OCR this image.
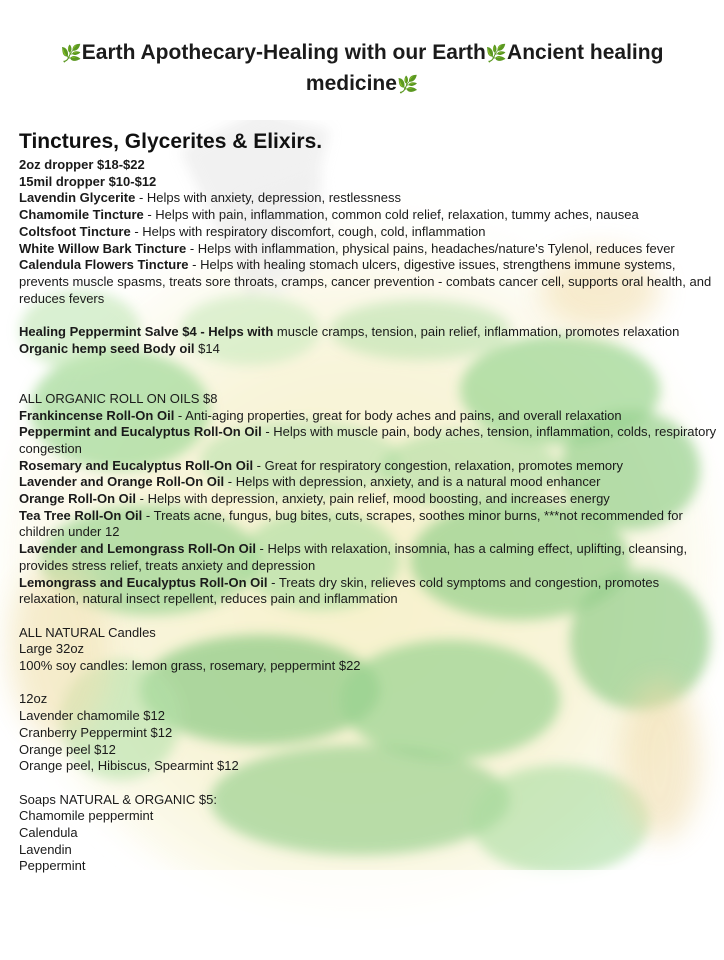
🌿Earth Apothecary-Healing with our Earth🌿Ancient healing
medicine🌿
Tinctures, Glycerites & Elixirs.
2oz dropper $18-$22
15mil dropper $10-$12
Lavendin Glycerite - Helps with anxiety, depression, restlessness
Chamomile Tincture - Helps with pain, inflammation, common cold relief, relaxation, tummy aches, nausea
Coltsfoot Tincture - Helps with respiratory discomfort, cough, cold, inflammation
White Willow Bark Tincture - Helps with inflammation, physical pains, headaches/nature's Tylenol, reduces fever
Calendula Flowers Tincture - Helps with healing stomach ulcers, digestive issues, strengthens immune systems, prevents muscle spasms, treats sore throats, cramps, cancer prevention - combats cancer cell, supports oral health, and reduces fevers
Healing Peppermint Salve $4 - Helps with muscle cramps, tension, pain relief, inflammation, promotes relaxation
Organic hemp seed Body oil $14
ALL ORGANIC ROLL ON OILS $8
Frankincense Roll-On Oil - Anti-aging properties, great for body aches and pains, and overall relaxation
Peppermint and Eucalyptus Roll-On Oil - Helps with muscle pain, body aches, tension, inflammation, colds, respiratory congestion
Rosemary and Eucalyptus Roll-On Oil - Great for respiratory congestion, relaxation, promotes memory
Lavender and Orange Roll-On Oil - Helps with depression, anxiety, and is a natural mood enhancer
Orange Roll-On Oil - Helps with depression, anxiety, pain relief, mood boosting, and increases energy
Tea Tree Roll-On Oil - Treats acne, fungus, bug bites, cuts, scrapes, soothes minor burns, ***not recommended for children under 12
Lavender and Lemongrass Roll-On Oil - Helps with relaxation, insomnia, has a calming effect, uplifting, cleansing, provides stress relief, treats anxiety and depression
Lemongrass and Eucalyptus Roll-On Oil - Treats dry skin, relieves cold symptoms and congestion, promotes relaxation, natural insect repellent, reduces pain and inflammation
ALL NATURAL Candles
Large 32oz
100% soy candles: lemon grass, rosemary, peppermint $22
12oz
Lavender chamomile $12
Cranberry Peppermint $12
Orange peel $12
Orange peel, Hibiscus, Spearmint $12
Soaps NATURAL & ORGANIC $5:
Chamomile peppermint
Calendula
Lavendin
Peppermint
